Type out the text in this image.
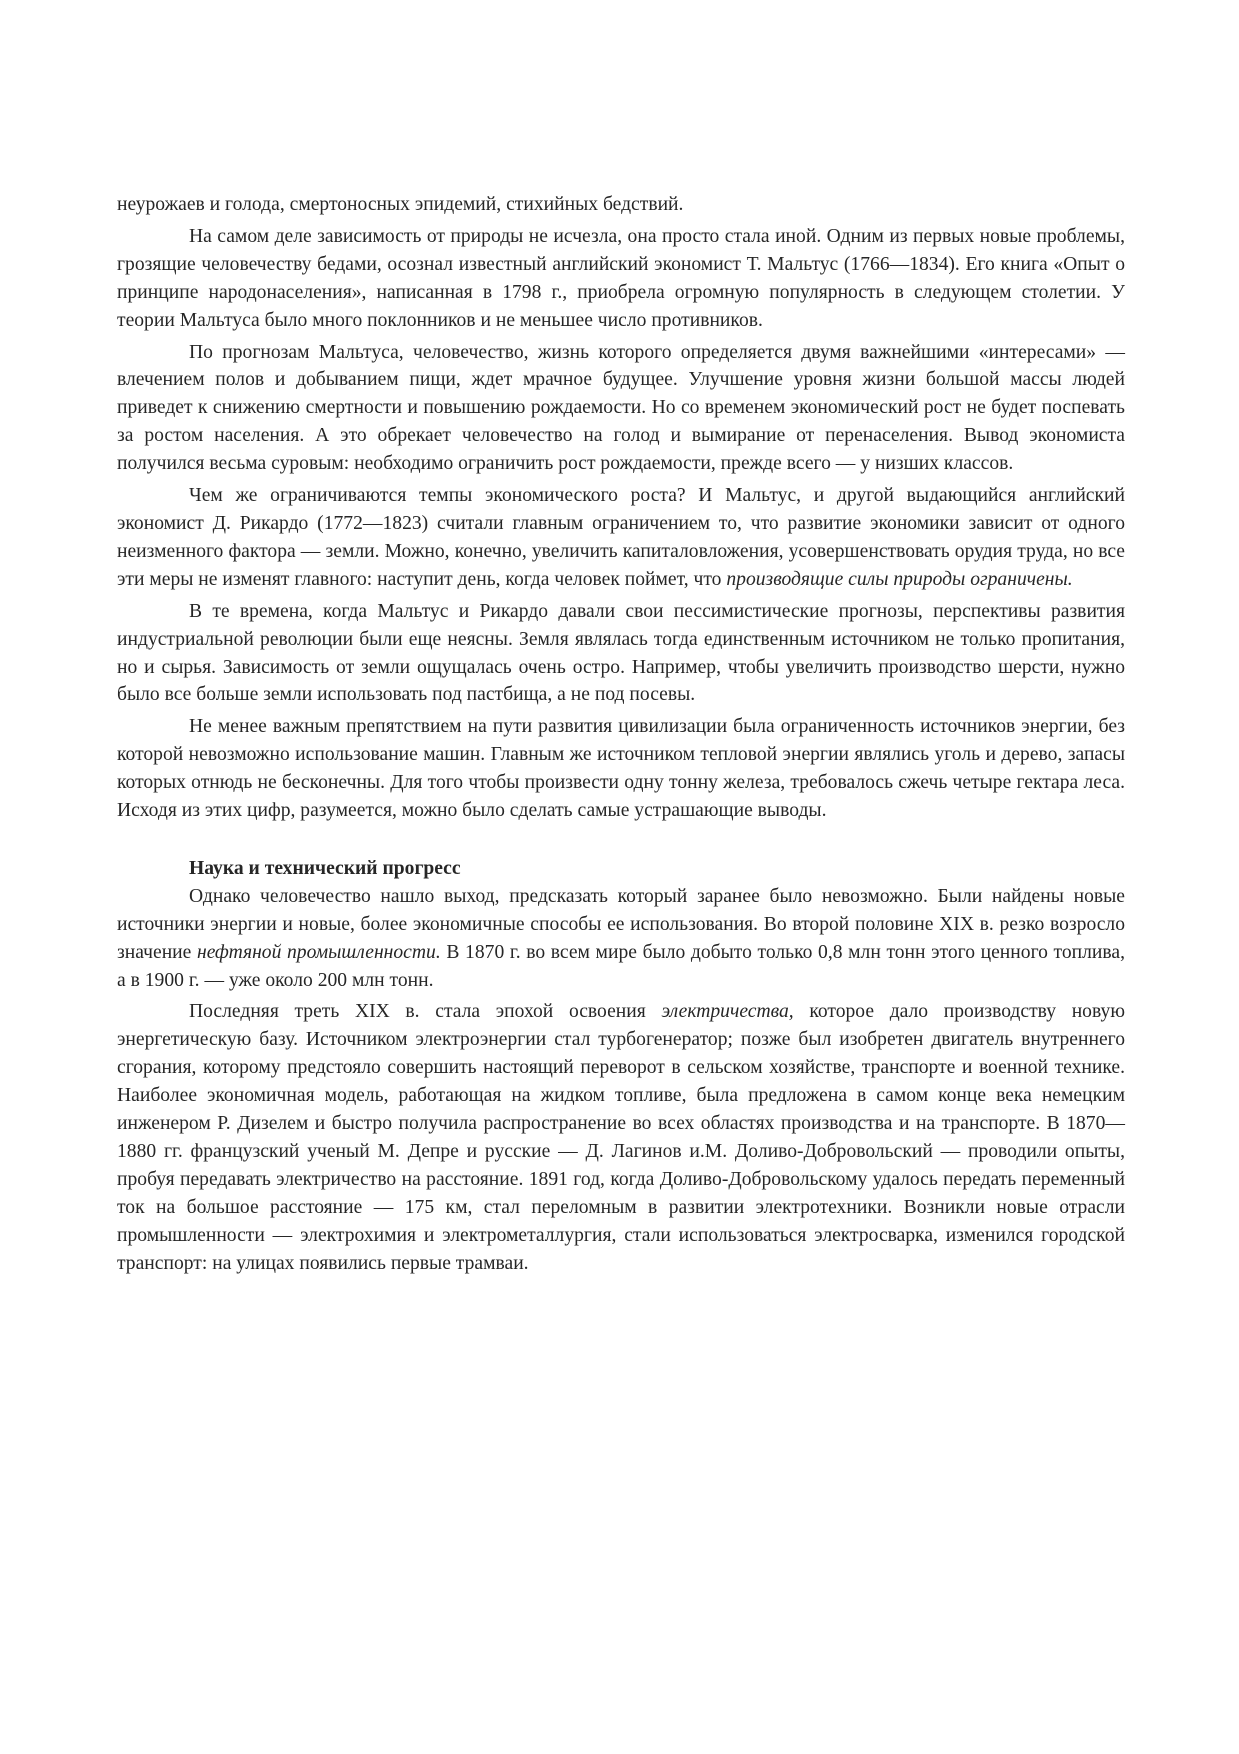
неурожаев и голода, смертоносных эпидемий, стихийных бедствий.

На самом деле зависимость от природы не исчезла, она просто стала иной. Одним из первых новые проблемы, грозящие человечеству бедами, осознал известный английский экономист Т. Мальтус (1766—1834). Его книга «Опыт о принципе народонаселения», написанная в 1798 г., приобрела огромную популярность в следующем столетии. У теории Мальтуса было много поклонников и не меньшее число противников.

По прогнозам Мальтуса, человечество, жизнь которого определяется двумя важнейшими «интересами» — влечением полов и добыванием пищи, ждет мрачное будущее. Улучшение уровня жизни большой массы людей приведет к снижению смертности и повышению рождаемости. Но со временем экономический рост не будет поспевать за ростом населения. А это обрекает человечество на голод и вымирание от перенаселения. Вывод экономиста получился весьма суровым: необходимо ограничить рост рождаемости, прежде всего — у низших классов.

Чем же ограничиваются темпы экономического роста? И Мальтус, и другой выдающийся английский экономист Д. Рикардо (1772—1823) считали главным ограничением то, что развитие экономики зависит от одного неизменного фактора — земли. Можно, конечно, увеличить капиталовложения, усовершенствовать орудия труда, но все эти меры не изменят главного: наступит день, когда человек поймет, что производящие силы природы ограничены.

В те времена, когда Мальтус и Рикардо давали свои пессимистические прогнозы, перспективы развития индустриальной революции были еще неясны. Земля являлась тогда единственным источником не только пропитания, но и сырья. Зависимость от земли ощущалась очень остро. Например, чтобы увеличить производство шерсти, нужно было все больше земли использовать под пастбища, а не под посевы.

Не менее важным препятствием на пути развития цивилизации была ограниченность источников энергии, без которой невозможно использование машин. Главным же источником тепловой энергии являлись уголь и дерево, запасы которых отнюдь не бесконечны. Для того чтобы произвести одну тонну железа, требовалось сжечь четыре гектара леса. Исходя из этих цифр, разумеется, можно было сделать самые устрашающие выводы.

Наука и технический прогресс

Однако человечество нашло выход, предсказать который заранее было невозможно. Были найдены новые источники энергии и новые, более экономичные способы ее использования. Во второй половине XIX в. резко возросло значение нефтяной промышленности. В 1870 г. во всем мире было добыто только 0,8 млн тонн этого ценного топлива, а в 1900 г. — уже около 200 млн тонн.

Последняя треть XIX в. стала эпохой освоения электричества, которое дало производству новую энергетическую базу. Источником электроэнергии стал турбогенератор; позже был изобретен двигатель внутреннего сгорания, которому предстояло совершить настоящий переворот в сельском хозяйстве, транспорте и военной технике. Наиболее экономичная модель, работающая на жидком топливе, была предложена в самом конце века немецким инженером Р. Дизелем и быстро получила распространение во всех областях производства и на транспорте. В 1870— 1880 гг. французский ученый М. Депре и русские — Д. Лагинов и.М. Доливо-Добровольский — проводили опыты, пробуя передавать электричество на расстояние. 1891 год, когда Доливо-Добровольскому удалось передать переменный ток на большое расстояние — 175 км, стал переломным в развитии электротехники. Возникли новые отрасли промышленности — электрохимия и электрометаллургия, стали использоваться электросварка, изменился городской транспорт: на улицах появились первые трамваи.
